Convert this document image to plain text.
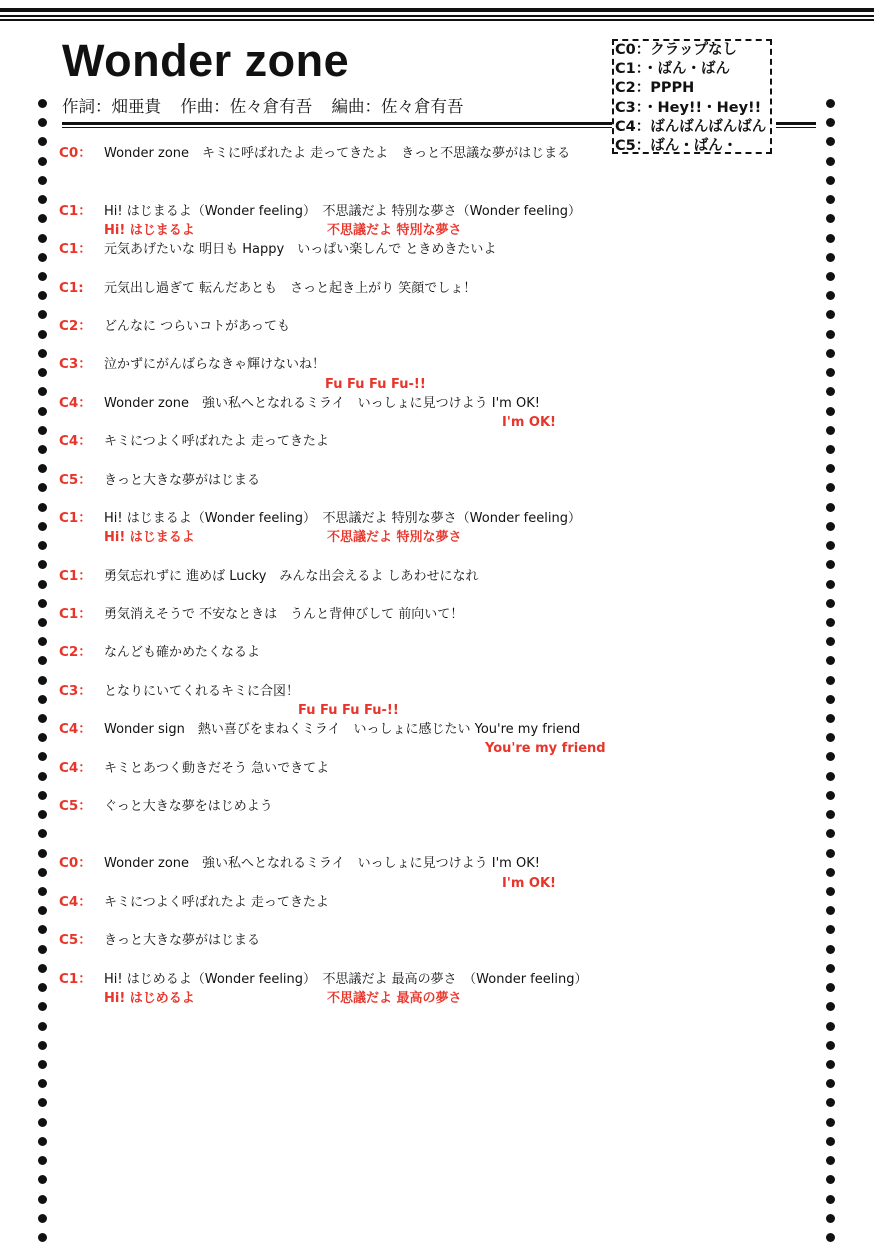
Wonder zone
作詞：畑亜貴 作曲：佐々倉有吾 編曲：佐々倉有吾
C0：クラップなし
C1：・ばん・ばん
C2：PPPH
C3：・Hey!!・Hey!!
C4：ばんばんばんばん
C5：ばん・ばん・
C0： Wonder zone　キミに呼ばれたよ 走ってきたよ　きっと不思議な夢がはじまる
C1： Hi! はじまるよ（Wonder feeling）　不思議だよ 特別な夢さ（Wonder feeling）
Hi! はじまるよ	不思議だよ 特別な夢さ
C1： 元気あげたいな 明日も Happy　いっぱい楽しんで ときめきたいよ
C1: 元気出し過ぎて 転んだあとも　さっと起き上がり 笑顔でしょ！
C2： どんなに つらいコトがあっても
C3： 泣かずにがんばらなきゃ輝けないね！
Fu Fu Fu Fu-!!
C4： Wonder zone　強い私へとなれるミライ　いっしょに見つけよう I'm OK!
I'm OK!
C4： キミにつよく呼ばれたよ 走ってきたよ
C5： きっと大きな夢がはじまる
C1： Hi! はじまるよ（Wonder feeling）　不思議だよ 特別な夢さ（Wonder feeling）
Hi! はじまるよ	不思議だよ 特別な夢さ
C1： 勇気忘れずに 進めば Lucky　みんな出会えるよ しあわせになれ
C1： 勇気消えそうで 不安なときは　うんと背伸びして 前向いて！
C2： なんども確かめたくなるよ
C3： となりにいてくれるキミに合図！
Fu Fu Fu Fu-!!
C4： Wonder sign　熱い喜びをまねくミライ　いっしょに感じたい You're my friend
You're my friend
C4： キミとあつく動きだそう 急いできてよ
C5： ぐっと大きな夢をはじめよう
C0： Wonder zone　強い私へとなれるミライ　いっしょに見つけよう I'm OK!
I'm OK!
C4： キミにつよく呼ばれたよ 走ってきたよ
C5： きっと大きな夢がはじまる
C1： Hi! はじめるよ（Wonder feeling）　不思議だよ 最高の夢さ　（Wonder feeling）
Hi! はじめるよ	不思議だよ 最高の夢さ
